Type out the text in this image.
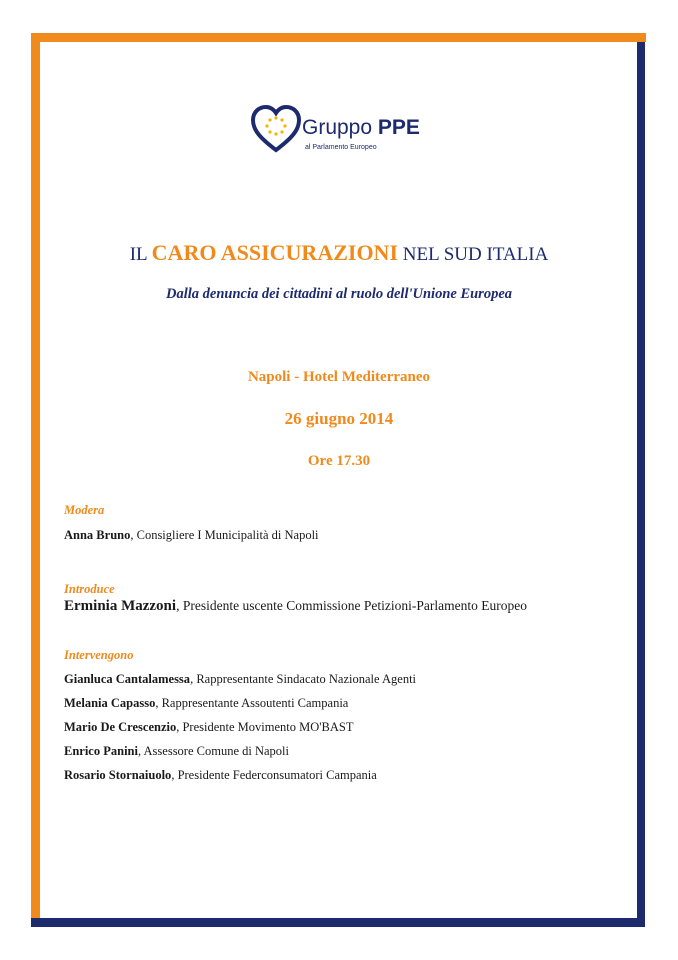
Gruppo PPE
al Parlamento Europeo
IL CARO ASSICURAZIONI NEL SUD ITALIA
Dalla denuncia dei cittadini al ruolo dell'Unione Europea
Napoli - Hotel Mediterraneo
26 giugno 2014
Ore 17.30
Modera
Anna Bruno, Consigliere I Municipalità di Napoli
Introduce
Erminia Mazzoni, Presidente uscente Commissione Petizioni-Parlamento Europeo
Intervengono
Gianluca Cantalamessa, Rappresentante Sindacato Nazionale Agenti
Melania Capasso, Rappresentante Assoutenti Campania
Mario De Crescenzio, Presidente Movimento MO'BAST
Enrico Panini, Assessore Comune di Napoli
Rosario Stornaiuolo, Presidente Federconsumatori Campania
